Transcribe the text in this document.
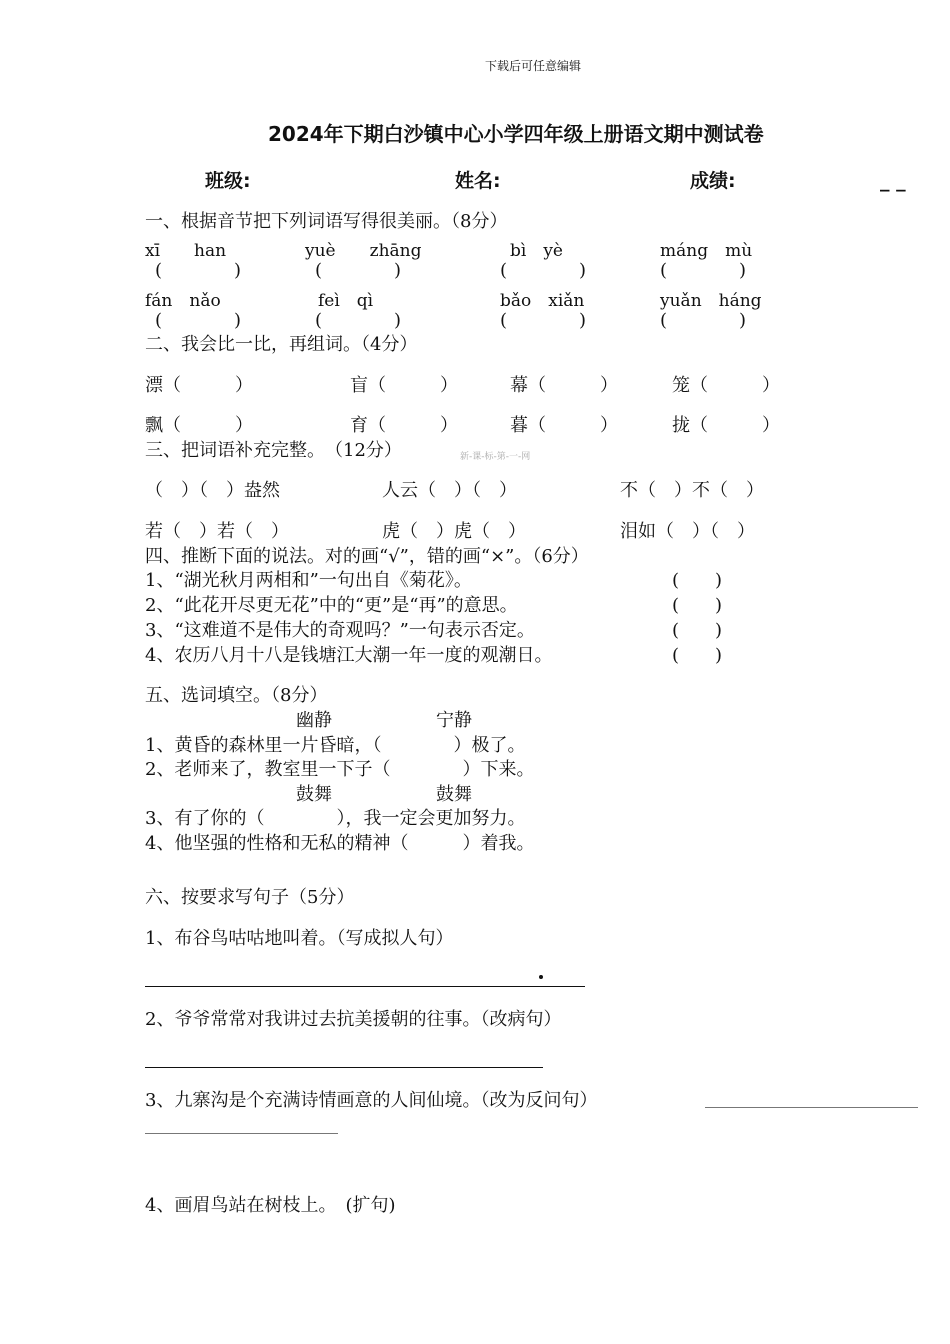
下载后可任意编辑
2024年下期白沙镇中心小学四年级上册语文期中测试卷
班级:	姓名:	成绩:	_ _
一、根据音节把下列词语写得很美丽。（8分）
xī　　han	yuè　　zhāng	bì　yè	máng　mù
(　　　　)	(　　　　)	(　　　　)	(　　　　)
fán　nǎo	feì　qì	bǎo　xiǎn	yuǎn　háng
(　　　　)	(　　　　)	(　　　　)	(　　　　)
二、我会比一比，再组词。（4分）
漂（　　　）	盲（　　　）	幕（　　　）	笼（　　　）
飘（　　　）	育（　　　）	暮（　　　）	拢（　　　）
三、把词语补充完整。　（12分）	新-课-标-第-一-网
（　）（　）盎然	人云（　）（　）	不（　）不（　）
若（　）若（　）	虎（　）虎（　）	泪如（　）（　）
四、推断下面的说法。对的画“√”，错的画“×”。（6分）
1、“湖光秋月两相和”一句出自《菊花》。	(　　)
2、“此花开尽更无花”中的“更”是“再”的意思。	(　　)
3、“这难道不是伟大的奇观吗？”一句表示否定。	(　　)
4、农历八月十八是钱塘江大潮一年一度的观潮日。	(　　)
五、选词填空。（8分）
幽静	宁静
1、黄昏的森林里一片昏暗，（　　　　）极了。
2、老师来了，教室里一下子（　　　　）下来。
鼓舞	鼓舞
3、有了你的（　　　　），我一定会更加努力。
4、他坚强的性格和无私的精神（　　　）着我。
六、按要求写句子（5分）
1、布谷鸟咕咕地叫着。（写成拟人句）
2、爷爷常常对我讲过去抗美援朝的往事。（改病句）
3、九寨沟是个充满诗情画意的人间仙境。（改为反问句）
4、画眉鸟站在树枝上。　(扩句)
